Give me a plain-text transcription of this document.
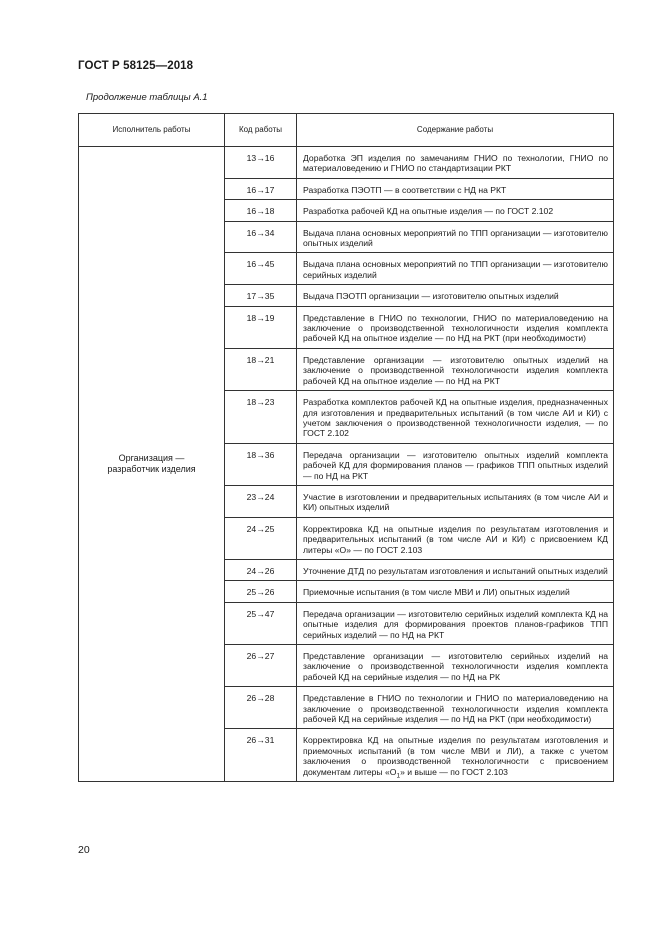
ГОСТ Р 58125—2018
Продолжение таблицы А.1
Исполнитель работы	Код работы	Содержание работы
Организация — разработчик изделия	13→16	Доработка ЭП изделия по замечаниям ГНИО по технологии, ГНИО по материаловедению и ГНИО по стандартизации РКТ
	16→17	Разработка ПЭОТП — в соответствии с НД на РКТ
	16→18	Разработка рабочей КД на опытные изделия — по ГОСТ 2.102
	16→34	Выдача плана основных мероприятий по ТПП организации — изготовителю опытных изделий
	16→45	Выдача плана основных мероприятий по ТПП организации — изготовителю серийных изделий
	17→35	Выдача ПЭОТП организации — изготовителю опытных изделий
	18→19	Представление в ГНИО по технологии, ГНИО по материаловедению на заключение о производственной технологичности изделия комплекта рабочей КД на опытное изделие — по НД на РКТ (при необходимости)
	18→21	Представление организации — изготовителю опытных изделий на заключение о производственной технологичности изделия комплекта рабочей КД на опытное изделие — по НД на РКТ
	18→23	Разработка комплектов рабочей КД на опытные изделия, предназначенных для изготовления и предварительных испытаний (в том числе АИ и КИ) с учетом заключения о производственной технологичности изделия, — по ГОСТ 2.102
	18→36	Передача организации — изготовителю опытных изделий комплекта рабочей КД для формирования планов — графиков ТПП опытных изделий — по НД на РКТ
	23→24	Участие в изготовлении и предварительных испытаниях (в том числе АИ и КИ) опытных изделий
	24→25	Корректировка КД на опытные изделия по результатам изготовления и предварительных испытаний (в том числе АИ и КИ) с присвоением КД литеры «О» — по ГОСТ 2.103
	24→26	Уточнение ДТД по результатам изготовления и испытаний опытных изделий
	25→26	Приемочные испытания (в том числе МВИ и ЛИ) опытных изделий
	25→47	Передача организации — изготовителю серийных изделий комплекта КД на опытные изделия для формирования проектов планов-графиков ТПП серийных изделий — по НД на РКТ
	26→27	Представление организации — изготовителю серийных изделий на заключение о производственной технологичности изделия комплекта рабочей КД на серийные изделия — по НД на РК
	26→28	Представление в ГНИО по технологии и ГНИО по материаловедению на заключение о производственной технологичности изделия комплекта рабочей КД на серийные изделия — по НД на РКТ (при необходимости)
	26→31	Корректировка КД на опытные изделия по результатам изготовления и приемочных испытаний (в том числе МВИ и ЛИ), а также с учетом заключения о производственной технологичности с присвоением документам литеры «$О_1$» и выше — по ГОСТ 2.103
20
